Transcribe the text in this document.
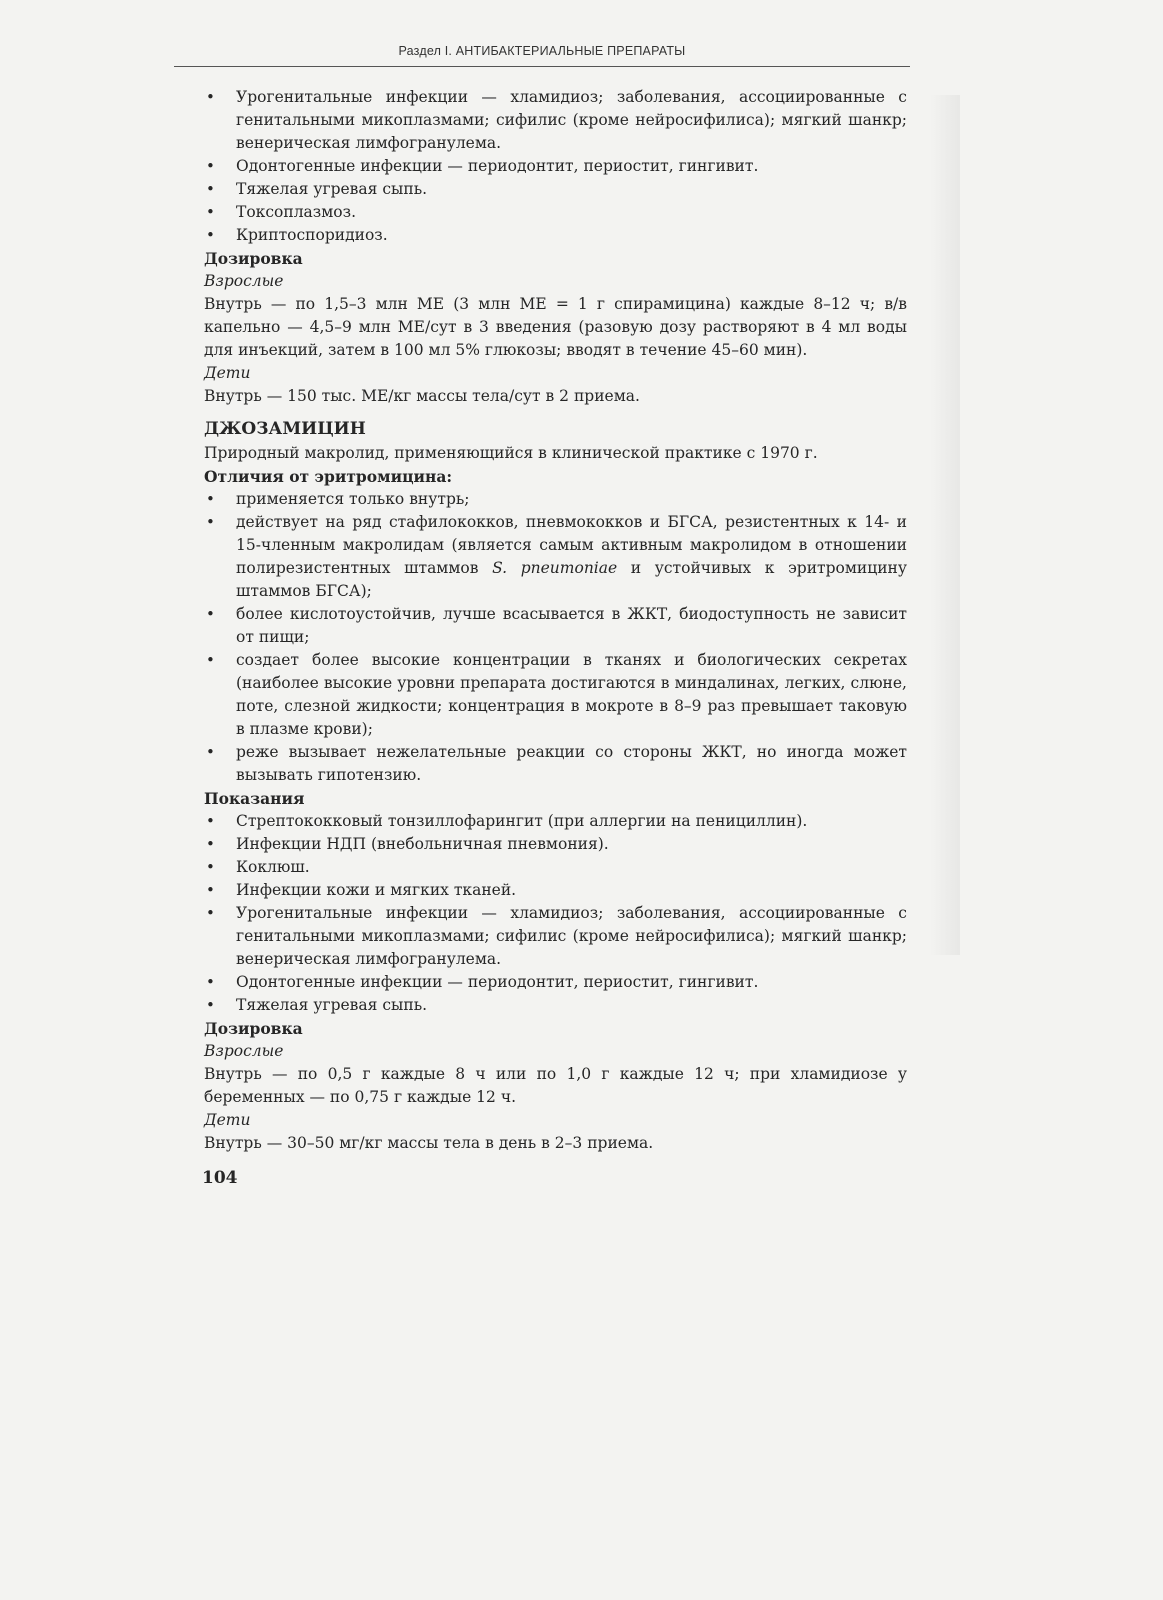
Раздел I. АНТИБАКТЕРИАЛЬНЫЕ ПРЕПАРАТЫ
• Урогенитальные инфекции — хламидиоз; заболевания, ассоциированные с генитальными микоплазмами; сифилис (кроме нейросифилиса); мягкий шанкр; венерическая лимфогранулема.
• Одонтогенные инфекции — периодонтит, периостит, гингивит.
• Тяжелая угревая сыпь.
• Токсоплазмоз.
• Криптоспоридиоз.

Дозировка

Взрослые

Внутрь — по 1,5–3 млн МЕ (3 млн МЕ = 1 г спирамицина) каждые 8–12 ч; в/в капельно — 4,5–9 млн МЕ/сут в 3 введения (разовую дозу растворяют в 4 мл воды для инъекций, затем в 100 мл 5% глюкозы; вводят в течение 45–60 мин).

Дети

Внутрь — 150 тыс. МЕ/кг массы тела/сут в 2 приема.

ДЖОЗАМИЦИН

Природный макролид, применяющийся в клинической практике с 1970 г.

Отличия от эритромицина:

• применяется только внутрь;
• действует на ряд стафилококков, пневмококков и БГСА, резистентных к 14- и 15-членным макролидам (является самым активным макролидом в отношении полирезистентных штаммов S. pneumoniae и устойчивых к эритромицину штаммов БГСА);
• более кислотоустойчив, лучше всасывается в ЖКТ, биодоступность не зависит от пищи;
• создает более высокие концентрации в тканях и биологических секретах (наиболее высокие уровни препарата достигаются в миндалинах, легких, слюне, поте, слезной жидкости; концентрация в мокроте в 8–9 раз превышает таковую в плазме крови);
• реже вызывает нежелательные реакции со стороны ЖКТ, но иногда может вызывать гипотензию.

Показания

• Стрептококковый тонзиллофарингит (при аллергии на пенициллин).
• Инфекции НДП (внебольничная пневмония).
• Коклюш.
• Инфекции кожи и мягких тканей.
• Урогенитальные инфекции — хламидиоз; заболевания, ассоциированные с генитальными микоплазмами; сифилис (кроме нейросифилиса); мягкий шанкр; венерическая лимфогранулема.
• Одонтогенные инфекции — периодонтит, периостит, гингивит.
• Тяжелая угревая сыпь.

Дозировка

Взрослые

Внутрь — по 0,5 г каждые 8 ч или по 1,0 г каждые 12 ч; при хламидиозе у беременных — по 0,75 г каждые 12 ч.

Дети

Внутрь — 30–50 мг/кг массы тела в день в 2–3 приема.

104
